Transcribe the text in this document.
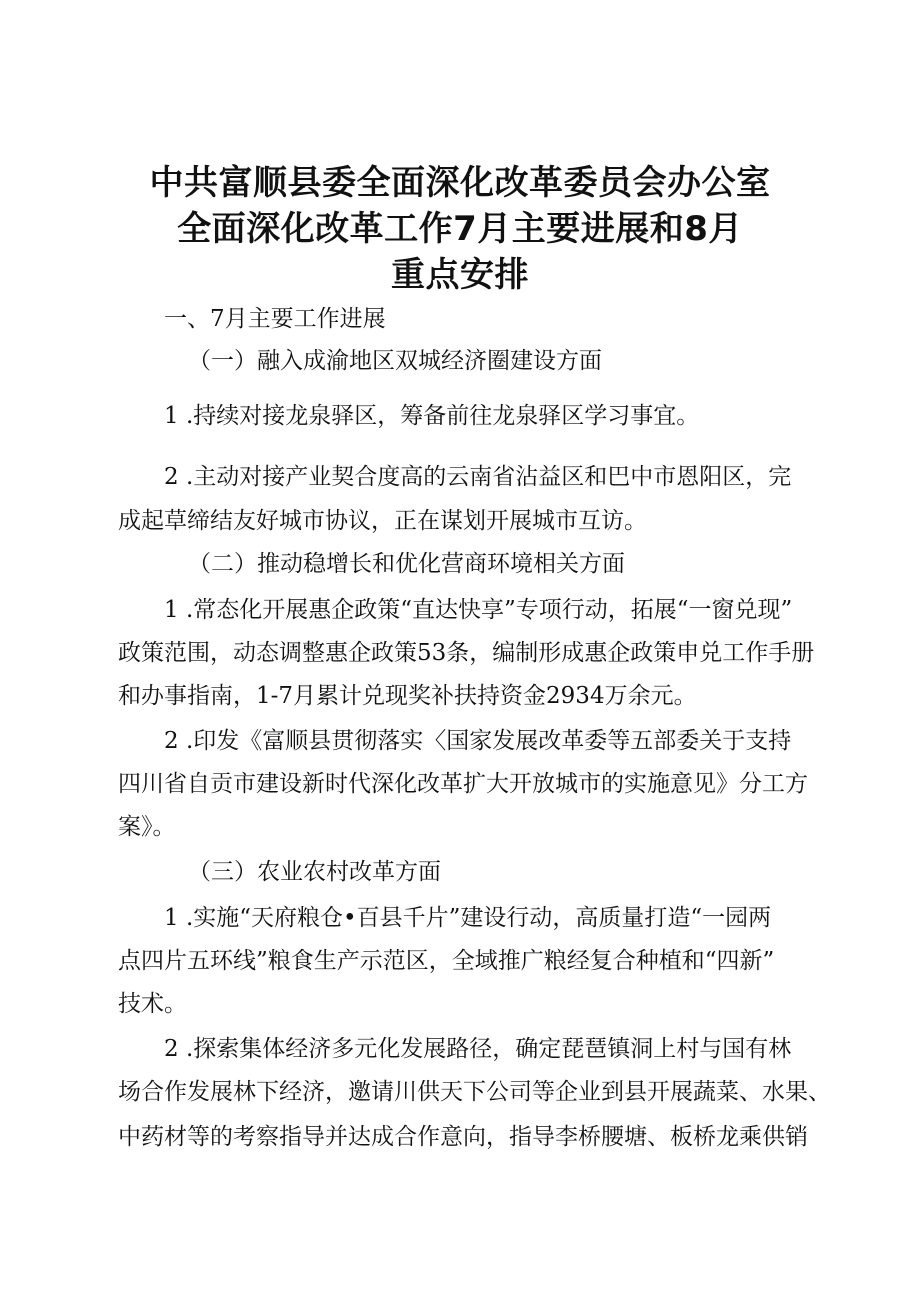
中共富顺县委全面深化改革委员会办公室
全面深化改革工作7月主要进展和8月
重点安排

一、7月主要工作进展

（一）融入成渝地区双城经济圈建设方面

1 .持续对接龙泉驿区，筹备前往龙泉驿区学习事宜。

2 .主动对接产业契合度高的云南省沾益区和巴中市恩阳区，完

成起草缔结友好城市协议，正在谋划开展城市互访。

（二）推动稳增长和优化营商环境相关方面

1 .常态化开展惠企政策“直达快享”专项行动，拓展“一窗兑现”

政策范围，动态调整惠企政策53条，编制形成惠企政策申兑工作手册

和办事指南，1-7月累计兑现奖补扶持资金2934万余元。

2 .印发《富顺县贯彻落实〈国家发展改革委等五部委关于支持

四川省自贡市建设新时代深化改革扩大开放城市的实施意见》分工方

案》。

（三）农业农村改革方面

1 .实施“天府粮仓•百县千片”建设行动，高质量打造“一园两

点四片五环线”粮食生产示范区，全域推广粮经复合种植和“四新”

技术。

2 .探索集体经济多元化发展路径，确定琵琶镇洞上村与国有林

场合作发展林下经济，邀请川供天下公司等企业到县开展蔬菜、水果、

中药材等的考察指导并达成合作意向，指导李桥腰塘、板桥龙乘供销
